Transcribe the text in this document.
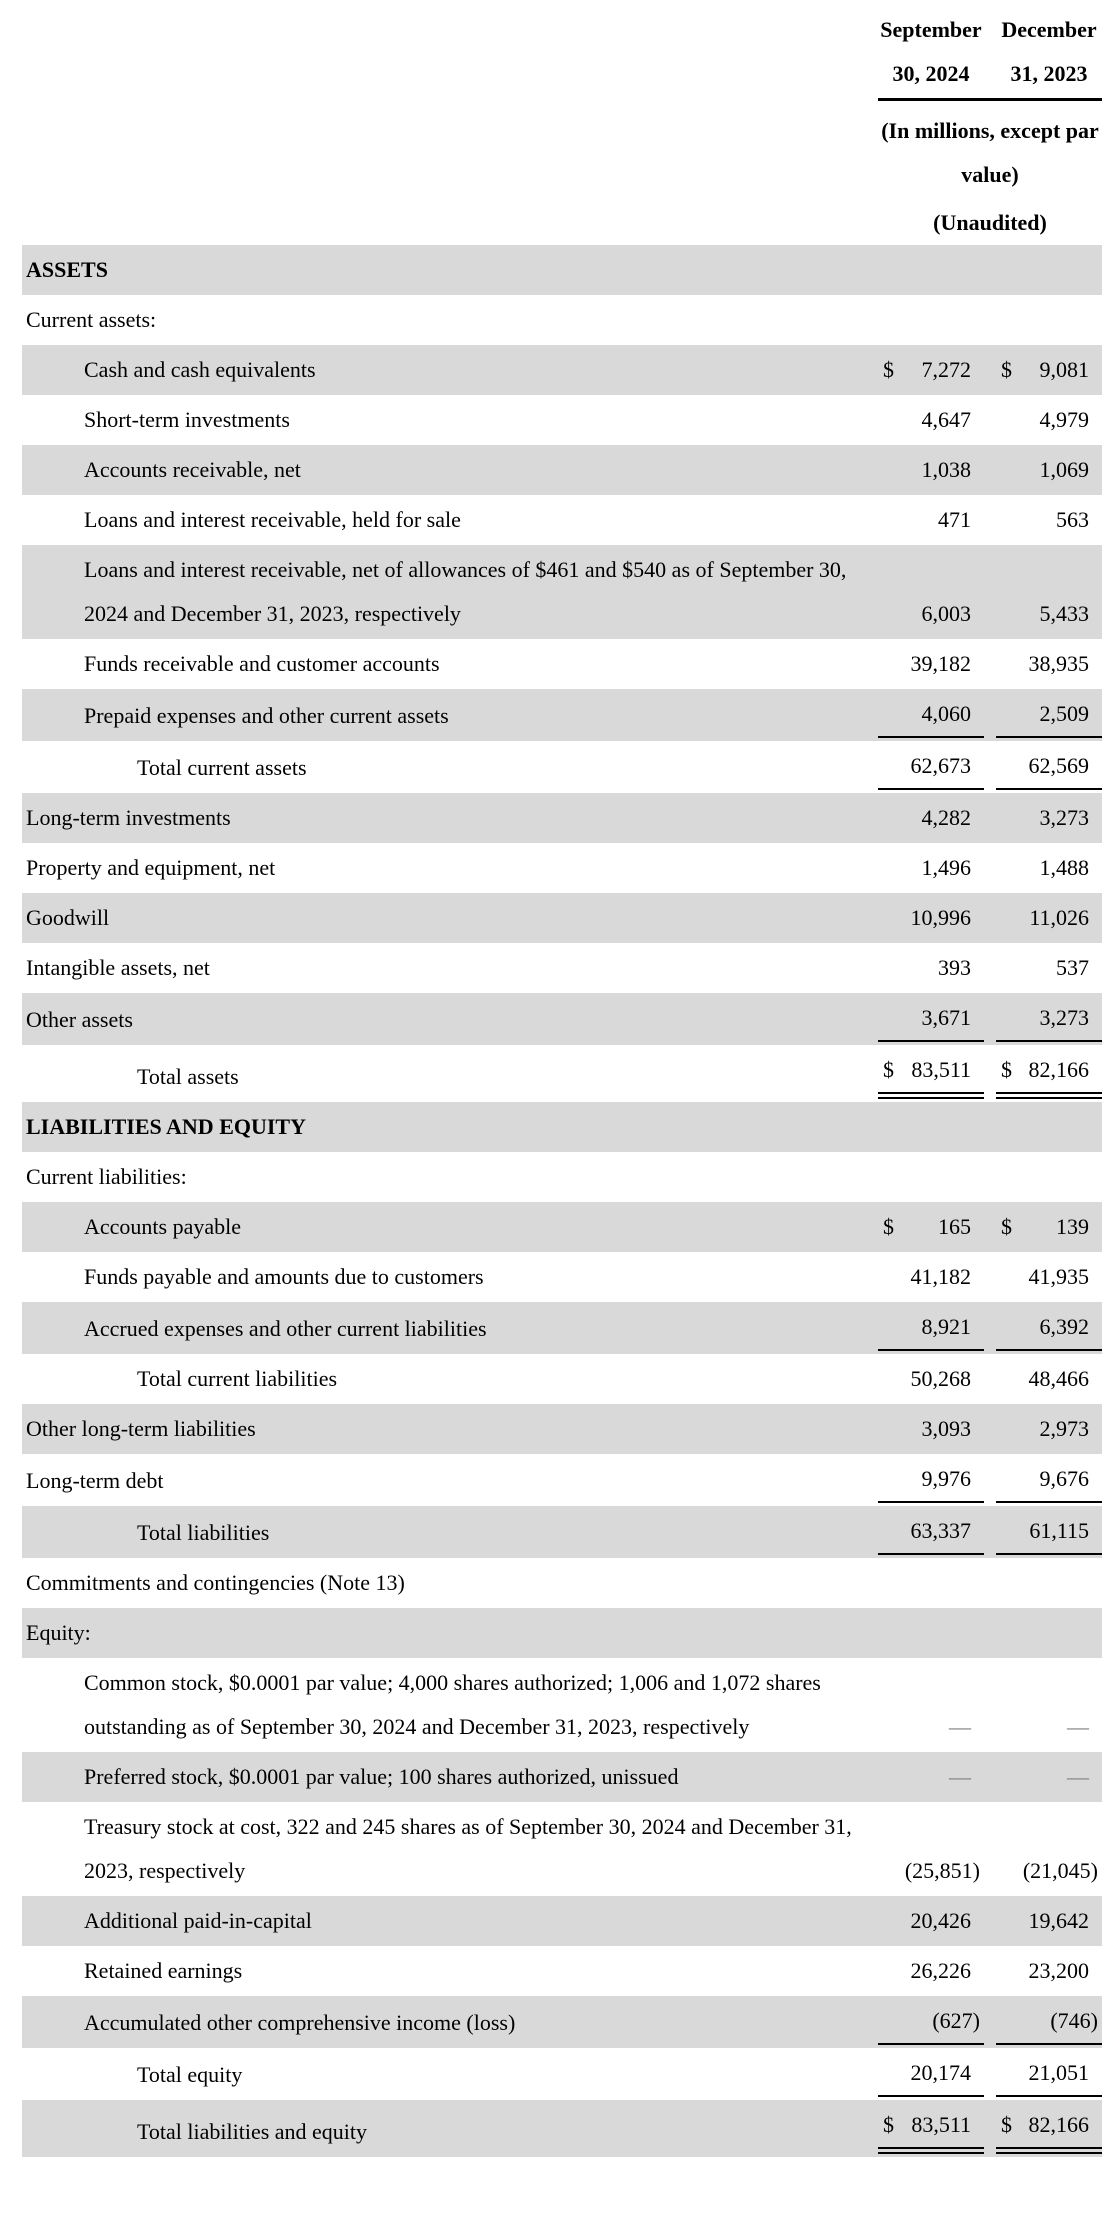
September 30, 2024
December 31, 2023
(In millions, except par value)
(Unaudited)
ASSETS
Current assets:
Cash and cash equivalents	$ 7,272 $ 9,081
Short-term investments	4,647	4,979
Accounts receivable, net	1,038	1,069
Loans and interest receivable, held for sale	471	563
Loans and interest receivable, net of allowances of $461 and $540 as of September 30, 2024 and December 31, 2023, respectively	6,003	5,433
Funds receivable and customer accounts	39,182	38,935
Prepaid expenses and other current assets	4,060	2,509
Total current assets	62,673	62,569
Long-term investments	4,282	3,273
Property and equipment, net	1,496	1,488
Goodwill	10,996	11,026
Intangible assets, net	393	537
Other assets	3,671	3,273
Total assets	$ 83,511 $ 82,166
LIABILITIES AND EQUITY
Current liabilities:
Accounts payable	$ 165 $ 139
Funds payable and amounts due to customers	41,182	41,935
Accrued expenses and other current liabilities	8,921	6,392
Total current liabilities	50,268	48,466
Other long-term liabilities	3,093	2,973
Long-term debt	9,976	9,676
Total liabilities	63,337	61,115
Commitments and contingencies (Note 13)
Equity:
Common stock, $0.0001 par value; 4,000 shares authorized; 1,006 and 1,072 shares outstanding as of September 30, 2024 and December 31, 2023, respectively	—	—
Preferred stock, $0.0001 par value; 100 shares authorized, unissued	—	—
Treasury stock at cost, 322 and 245 shares as of September 30, 2024 and December 31, 2023, respectively	(25,851) (21,045)
Additional paid-in-capital	20,426	19,642
Retained earnings	26,226	23,200
Accumulated other comprehensive income (loss)	(627)	(746)
Total equity	20,174	21,051
Total liabilities and equity	$ 83,511 $ 82,166
